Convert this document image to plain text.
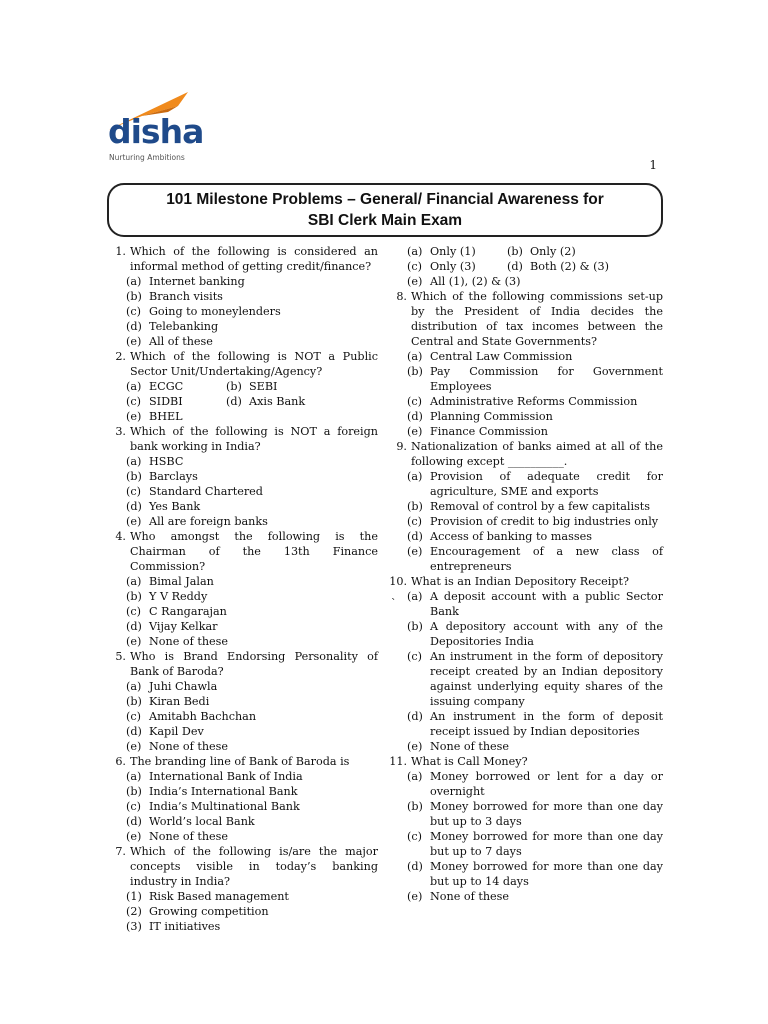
disha
Nurturing Ambitions
1
101 Milestone Problems – General/ Financial Awareness for
SBI Clerk Main Exam
1. Which of the following is considered an informal method of getting credit/finance?
(a) Internet banking
(b) Branch visits
(c) Going to moneylenders
(d) Telebanking
(e) All of these
2. Which of the following is NOT a Public Sector Unit/Undertaking/Agency?
(a) ECGC	(b) SEBI
(c) SIDBI	(d) Axis Bank
(e) BHEL
3. Which of the following is NOT a foreign bank working in India?
(a) HSBC
(b) Barclays
(c) Standard Chartered
(d) Yes Bank
(e) All are foreign banks
4. Who amongst the following is the Chairman of the 13th Finance Commission?
(a) Bimal Jalan
(b) Y V Reddy
(c) C Rangarajan
(d) Vijay Kelkar
(e) None of these
5. Who is Brand Endorsing Personality of Bank of Baroda?
(a) Juhi Chawla
(b) Kiran Bedi
(c) Amitabh Bachchan
(d) Kapil Dev
(e) None of these
6. The branding line of Bank of Baroda is
(a) International Bank of India
(b) India’s International Bank
(c) India’s Multinational Bank
(d) World’s local Bank
(e) None of these
7. Which of the following is/are the major concepts visible in today’s banking industry in India?
(1) Risk Based management
(2) Growing competition
(3) IT initiatives
(a) Only (1)	(b) Only (2)
(c) Only (3)	(d) Both (2) & (3)
(e) All (1), (2) & (3)
8. Which of the following commissions set-up by the President of India decides the distribution of tax incomes between the Central and State Governments?
(a) Central Law Commission
(b) Pay Commission for Government Employees
(c) Administrative Reforms Commission
(d) Planning Commission
(e) Finance Commission
9. Nationalization of banks aimed at all of the following except __________.
(a) Provision of adequate credit for agriculture, SME and exports
(b) Removal of control by a few capitalists
(c) Provision of credit to big industries only
(d) Access of banking to masses
(e) Encouragement of a new class of entrepreneurs
10. What is an Indian Depository Receipt?
(a) A deposit account with a public Sector Bank
(b) A depository account with any of the Depositories India
(c) An instrument in the form of depository receipt created by an Indian depository against underlying equity shares of the issuing company
(d) An instrument in the form of deposit receipt issued by Indian depositories
(e) None of these
11. What is Call Money?
(a) Money borrowed or lent for a day or overnight
(b) Money borrowed for more than one day but up to 3 days
(c) Money borrowed for more than one day but up to 7 days
(d) Money borrowed for more than one day but up to 14 days
(e) None of these
`
